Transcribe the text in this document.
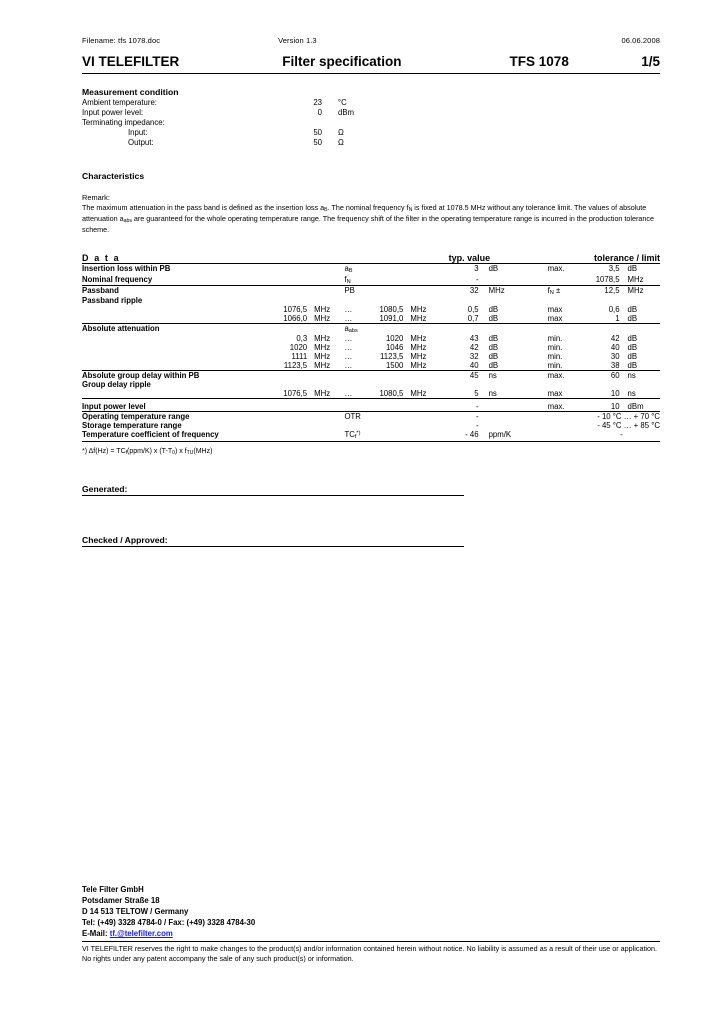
Filename: tfs 1078.doc	Version 1.3	06.06.2008
VI TELEFILTER	Filter specification	TFS 1078	1/5
Measurement condition
Ambient temperature:	23	°C
Input power level:	0	dBm
Terminating impedance:		
Input:	50	Ω
Output:	50	Ω
Characteristics
Remark:
The maximum attenuation in the pass band is defined as the insertion loss $a_B$. The nominal frequency $f_N$ is fixed at 1078.5 MHz without any tolerance limit. The values of absolute attenuation $a_{abs}$ are guaranteed for the whole operating temperature range. The frequency shift of the filter in the operating temperature range is incurred in the production tolerance scheme.
D a t a						typ. value			tolerance / limit	
Insertion loss within PB			$a_B$			3	dB	max.	3,5	dB
Nominal frequency			$f_N$			-			1078,5	MHz
Passband			PB			32	MHz	$f_N$ ±	12,5	MHz
Passband ripple										
	1076,5	MHz	…	1080,5	MHz	0,5	dB	max	0,6	dB
	1066,0	MHz	…	1091,0	MHz	0,7	dB	max	1	dB
Absolute attenuation			$a_{abs}$						
	0,3	MHz	…	1020	MHz	43	dB	min.	42	dB
	1020	MHz	…	1046	MHz	42	dB	min.	40	dB
	1111	MHz	…	1123,5	MHz	32	dB	min.	30	dB
	1123,5	MHz	…	1500	MHz	40	dB	min.	38	dB
Absolute group delay within PB						45	ns	max.	60	ns
Group delay ripple										
	1076,5	MHz	…	1080,5	MHz	5	ns	max	10	ns
Input power level						-		max.	10	dBm
Operating temperature range			OTR			-			- 10 °C … + 70 °C	
Storage temperature range						-			- 45 °C … + 85 °C	
Temperature coefficient of frequency			$TC_f^{*)}$			- 46	ppm/K		-	
*) $\Delta f(Hz) = TC_f(ppm/K)$ x $(T-T_0)$ x $f_{TU}(MHz)$
Generated:
Checked / Approved:
Tele Filter GmbH
Potsdamer Straße 18
D 14 513 TELTOW / Germany
Tel: (+49) 3328 4784-0 / Fax: (+49) 3328 4784-30
E-Mail: tf.@telefilter.com
VI TELEFILTER reserves the right to make changes to the product(s) and/or information contained herein without notice. No liability is assumed as a result of their use or application. No rights under any patent accompany the sale of any such product(s) or information.
